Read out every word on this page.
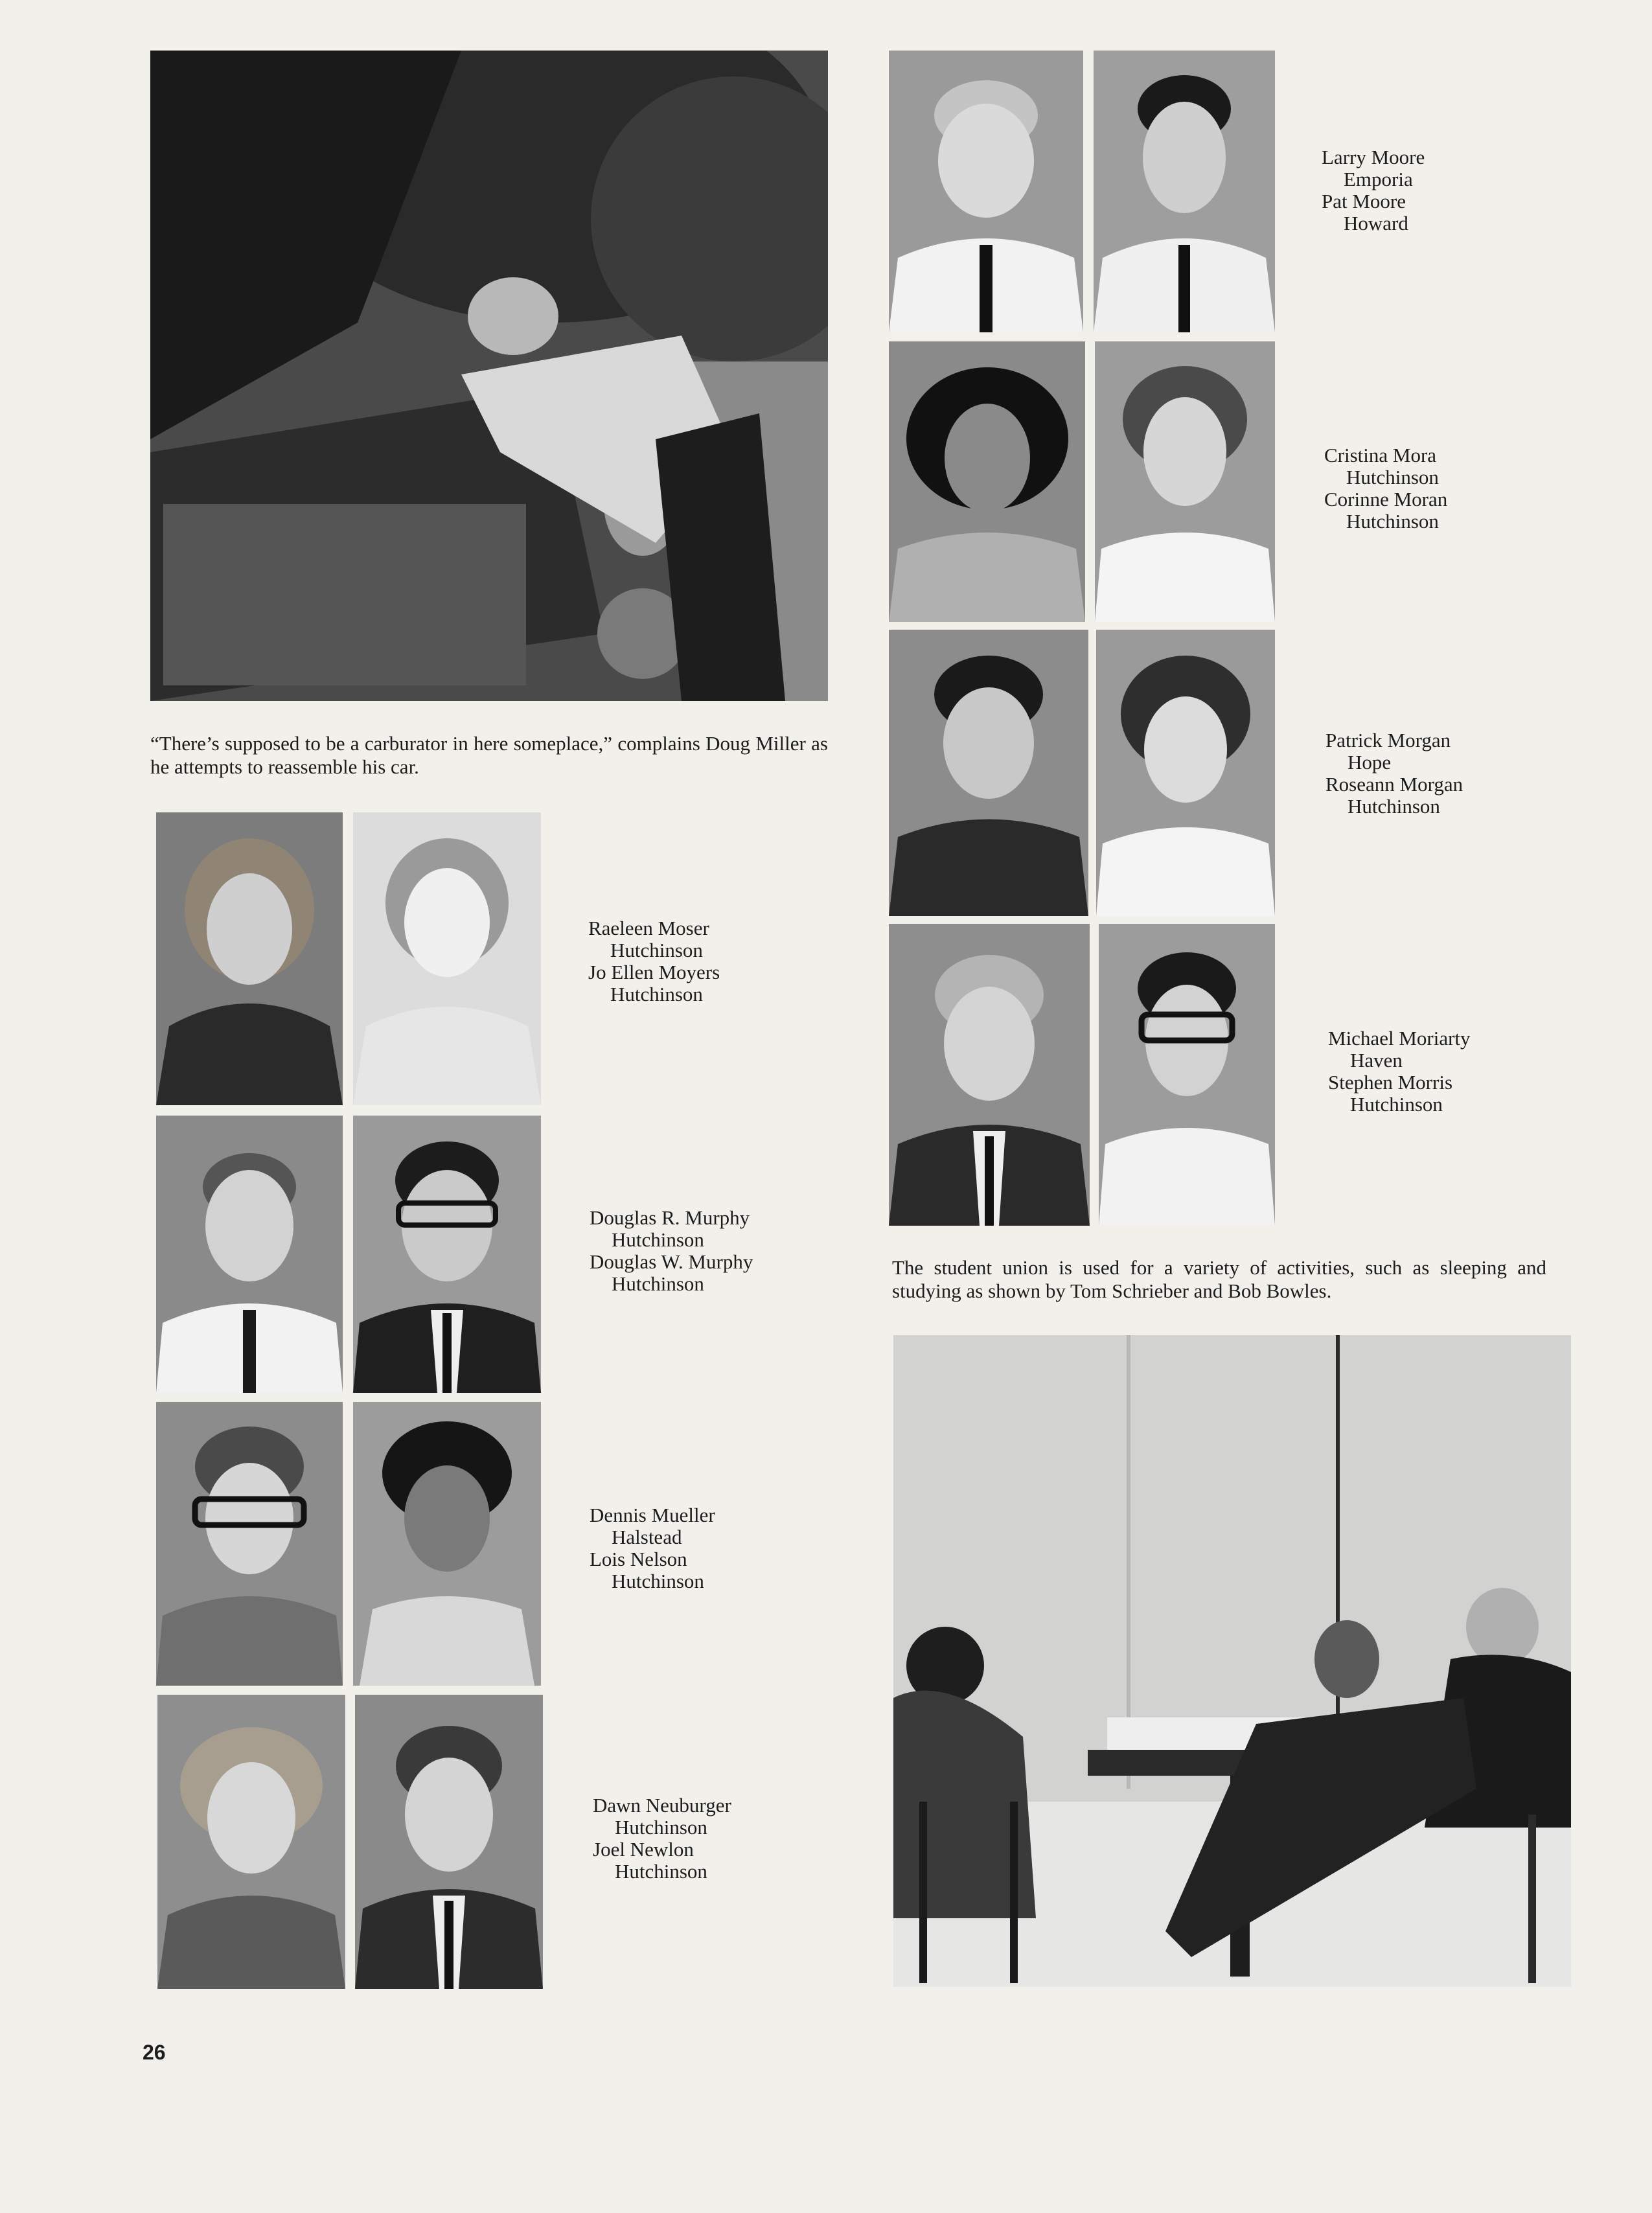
“There’s supposed to be a carburator in here someplace,” complains Doug Miller as he attempts to reassemble his car.
Raeleen Moser
Hutchinson
Jo Ellen Moyers
Hutchinson
Douglas R. Murphy
Hutchinson
Douglas W. Murphy
Hutchinson
Dennis Mueller
Halstead
Lois Nelson
Hutchinson
Dawn Neuburger
Hutchinson
Joel Newlon
Hutchinson
Larry Moore
Emporia
Pat Moore
Howard
Cristina Mora
Hutchinson
Corinne Moran
Hutchinson
Patrick Morgan
Hope
Roseann Morgan
Hutchinson
Michael Moriarty
Haven
Stephen Morris
Hutchinson
The student union is used for a variety of activities, such as sleeping and studying as shown by Tom Schrieber and Bob Bowles.
26
